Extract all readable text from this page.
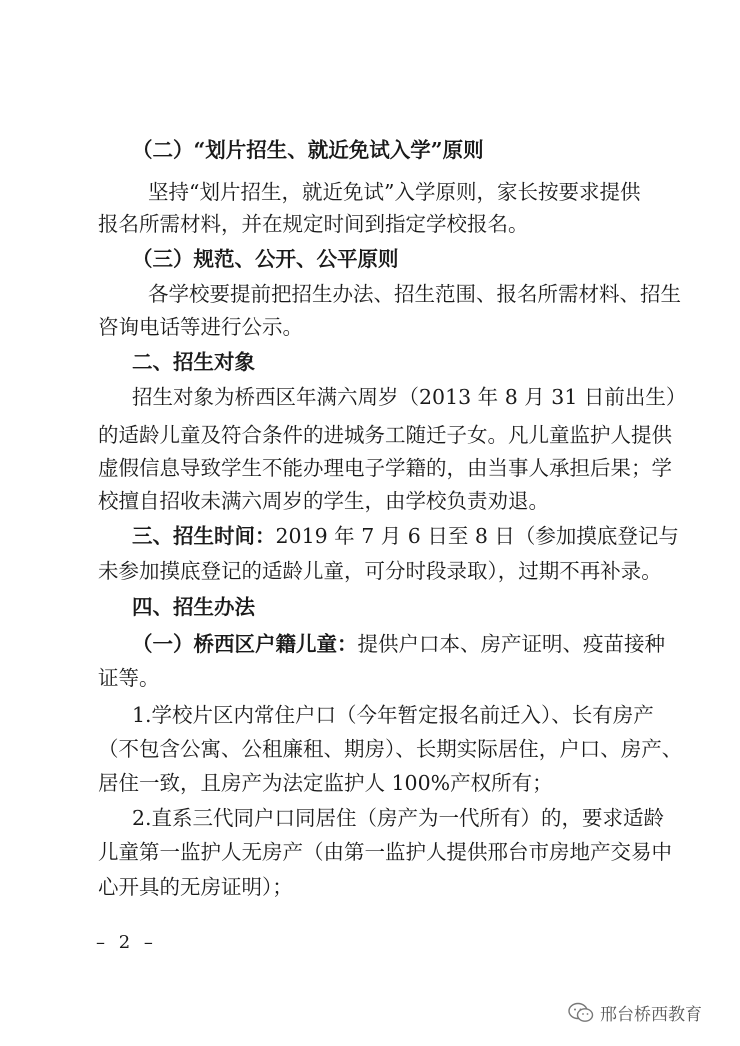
（二）“划片招生、就近免试入学”原则
坚持“划片招生，就近免试”入学原则，家长按要求提供
报名所需材料，并在规定时间到指定学校报名。
（三）规范、公开、公平原则
各学校要提前把招生办法、招生范围、报名所需材料、招生
咨询电话等进行公示。
二、招生对象
招生对象为桥西区年满六周岁（2013 年 8 月 31 日前出生）
的适龄儿童及符合条件的进城务工随迁子女。凡儿童监护人提供
虚假信息导致学生不能办理电子学籍的，由当事人承担后果；学
校擅自招收未满六周岁的学生，由学校负责劝退。
三、招生时间：2019 年 7 月 6 日至 8 日（参加摸底登记与
未参加摸底登记的适龄儿童，可分时段录取），过期不再补录。
四、招生办法
（一）桥西区户籍儿童：提供户口本、房产证明、疫苗接种
证等。
1.学校片区内常住户口（今年暂定报名前迁入）、长有房产
（不包含公寓、公租廉租、期房）、长期实际居住，户口、房产、
居住一致，且房产为法定监护人 100%产权所有；
2.直系三代同户口同居住（房产为一代所有）的，要求适龄
儿童第一监护人无房产（由第一监护人提供邢台市房地产交易中
心开具的无房证明）；
– 2 –
邢台桥西教育
